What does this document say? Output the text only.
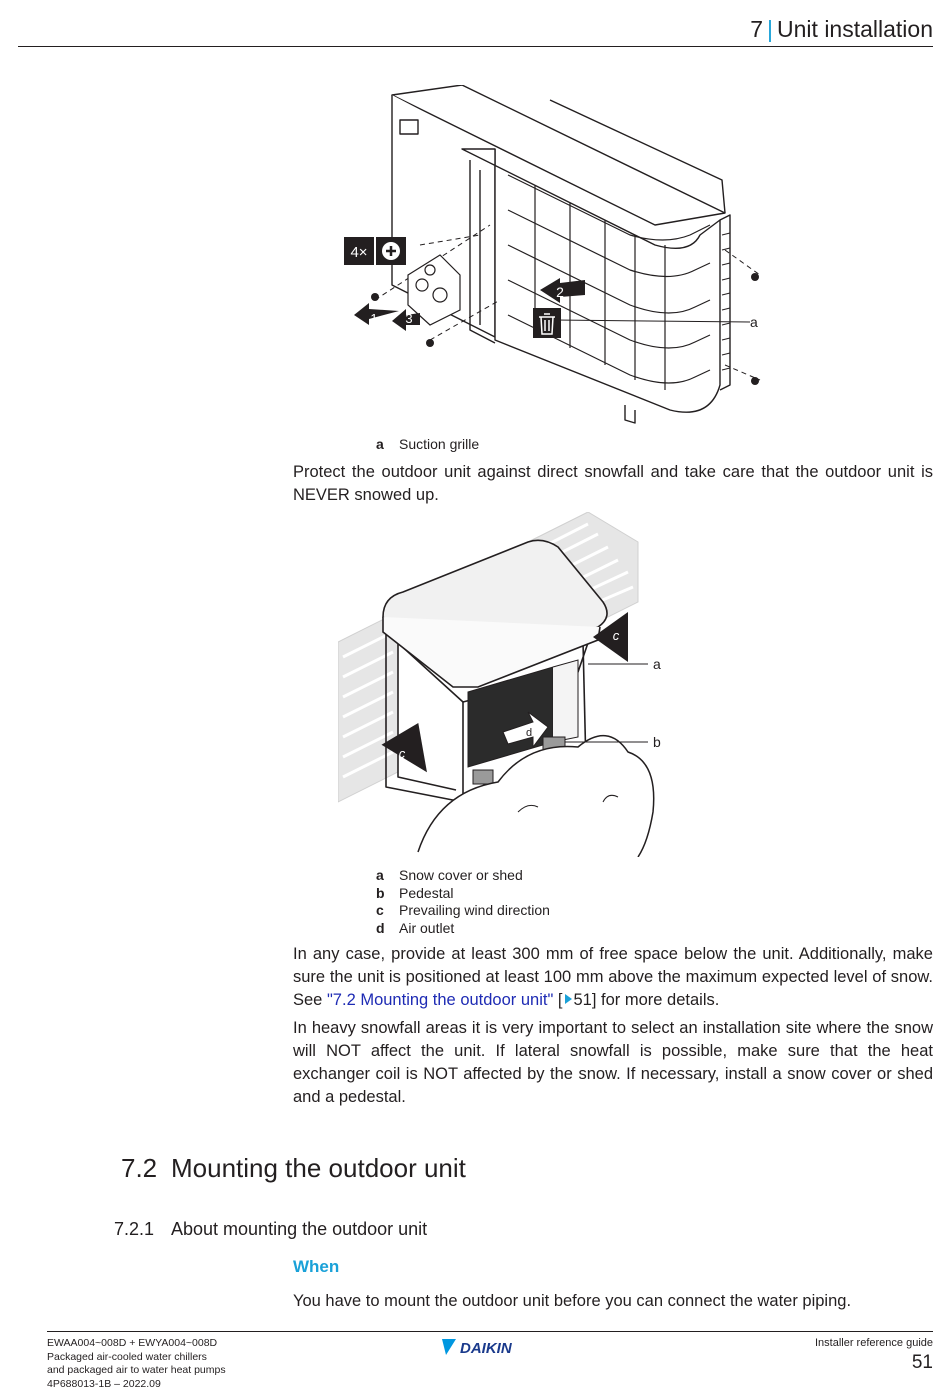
7 | Unit installation
4×
1 3
2
a
a	Suction grille
Protect the outdoor unit against direct snowfall and take care that the outdoor unit is NEVER snowed up.
d
c
c
a
b
a	Snow cover or shed
b	Pedestal
c	Prevailing wind direction
d	Air outlet
In any case, provide at least 300 mm of free space below the unit. Additionally, make sure the unit is positioned at least 100 mm above the maximum expected level of snow. See "7.2 Mounting the outdoor unit" [ 51] for more details.
In heavy snowfall areas it is very important to select an installation site where the snow will NOT affect the unit. If lateral snowfall is possible, make sure that the heat exchanger coil is NOT affected by the snow. If necessary, install a snow cover or shed and a pedestal.
7.2 Mounting the outdoor unit
7.2.1 About mounting the outdoor unit
When
You have to mount the outdoor unit before you can connect the water piping.
EWAA004~008D + EWYA004~008D
Packaged air-cooled water chillers
and packaged air to water heat pumps
4P688013-1B – 2022.09
DAIKIN	Installer reference guide
51
